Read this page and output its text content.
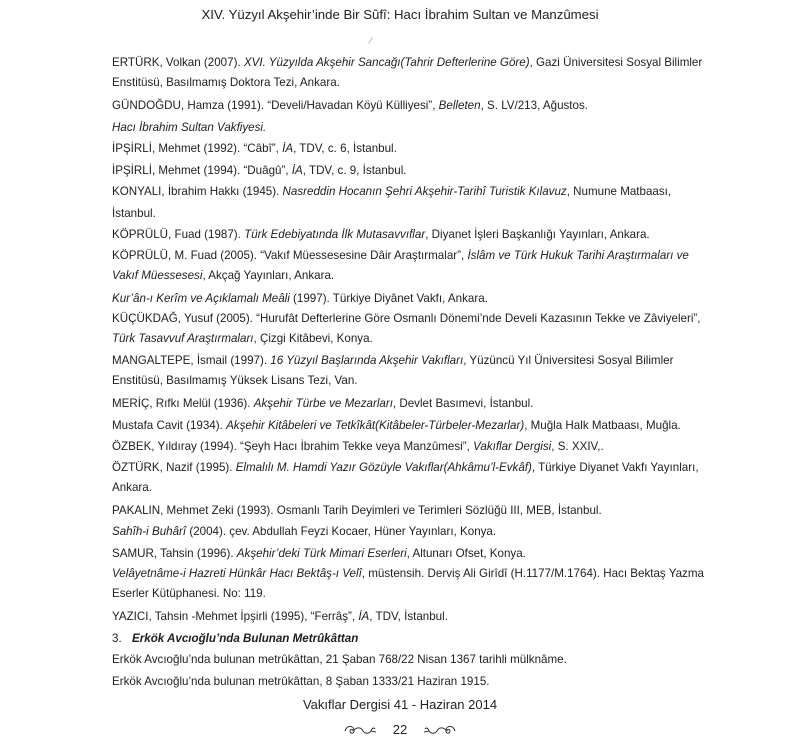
XIV. Yüzyıl Akşehir’inde Bir Sûfî: Hacı İbrahim Sultan ve Manzûmesi

ERTÜRK, Volkan (2007). XVI. Yüzyılda Akşehir Sancağı(Tahrir Defterlerine Göre), Gazi Üniversitesi Sosyal Bilimler Enstitüsü, Basılmamış Doktora Tezi, Ankara.

GÜNDOĞDU, Hamza (1991). “Develi/Havadan Köyü Külliyesi”, Belleten, S. LV/213, Ağustos.

Hacı İbrahim Sultan Vakfiyesi.

İPŞİRLİ, Mehmet (1992). “Câbî”, İA, TDV, c. 6, İstanbul.

İPŞİRLİ, Mehmet (1994). “Duâgû”, İA, TDV, c. 9, İstanbul.

KONYALI, İbrahim Hakkı (1945). Nasreddin Hocanın Şehri Akşehir-Tarihî Turistik Kılavuz, Numune Matbaası, İstanbul.

KÖPRÜLÜ, Fuad (1987). Türk Edebiyatında İlk Mutasavvıflar, Diyanet İşleri Başkanlığı Yayınları, Ankara.

KÖPRÜLÜ, M. Fuad (2005). “Vakıf Müessesesine Dâir Araştırmalar”, İslâm ve Türk Hukuk Tarihi Araştırmaları ve Vakıf Müessesesi, Akçağ Yayınları, Ankara.

Kur’ân-ı Kerîm ve Açıklamalı Meâli (1997). Türkiye Diyânet Vakfı, Ankara.

KÜÇÜKDAĞ, Yusuf (2005). “Hurufât Defterlerine Göre Osmanlı Dönemi’nde Develi Kazasının Tekke ve Zâviyeleri”, Türk Tasavvuf Araştırmaları, Çizgi Kitâbevi, Konya.

MANGALTEPE, İsmail (1997). 16 Yüzyıl Başlarında Akşehir Vakıfları, Yüzüncü Yıl Üniversitesi Sosyal Bilimler Enstitüsü, Basılmamış Yüksek Lisans Tezi, Van.

MERİÇ, Rıfkı Melül (1936). Akşehir Türbe ve Mezarları, Devlet Basımevi, İstanbul.

Mustafa Cavit (1934). Akşehir Kitâbeleri ve Tetkîkât(Kitâbeler-Türbeler-Mezarlar), Muğla Halk Matbaası, Muğla.

ÖZBEK, Yıldıray (1994). “Şeyh Hacı İbrahim Tekke veya Manzûmesi”, Vakıflar Dergisi, S. XXIV,.

ÖZTÜRK, Nazif (1995). Elmalılı M. Hamdi Yazır Gözüyle Vakıflar(Ahkâmu’l-Evkâf), Türkiye Diyanet Vakfı Yayınları, Ankara.

PAKALIN, Mehmet Zeki (1993). Osmanlı Tarih Deyimleri ve Terimleri Sözlüğü III, MEB, İstanbul.

Sahîh-i Buhârî (2004). çev. Abdullah Feyzi Kocaer, Hüner Yayınları, Konya.

SAMUR, Tahsin (1996). Akşehir’deki Türk Mimari Eserleri, Altunarı Ofset, Konya.

Velâyetnâme-i Hazreti Hünkâr Hacı Bektâş-ı Velî, müstensih. Derviş Ali Girîdî (H.1177/M.1764). Hacı Bektaş Yazma Eserler Kütüphanesi. No: 119.

YAZICI, Tahsin -Mehmet İpşirli (1995), “Ferrâş”, İA, TDV, İstanbul.

3. Erkök Avcıoğlu’nda Bulunan Metrûkâttan

Erkök Avcıoğlu’nda bulunan metrûkâttan, 21 Şaban 768/22 Nisan 1367 tarihli mülknâme.

Erkök Avcıoğlu’nda bulunan metrûkâttan, 8 Şaban 1333/21 Haziran 1915.

Vakıflar Dergisi 41 - Haziran 2014
22
